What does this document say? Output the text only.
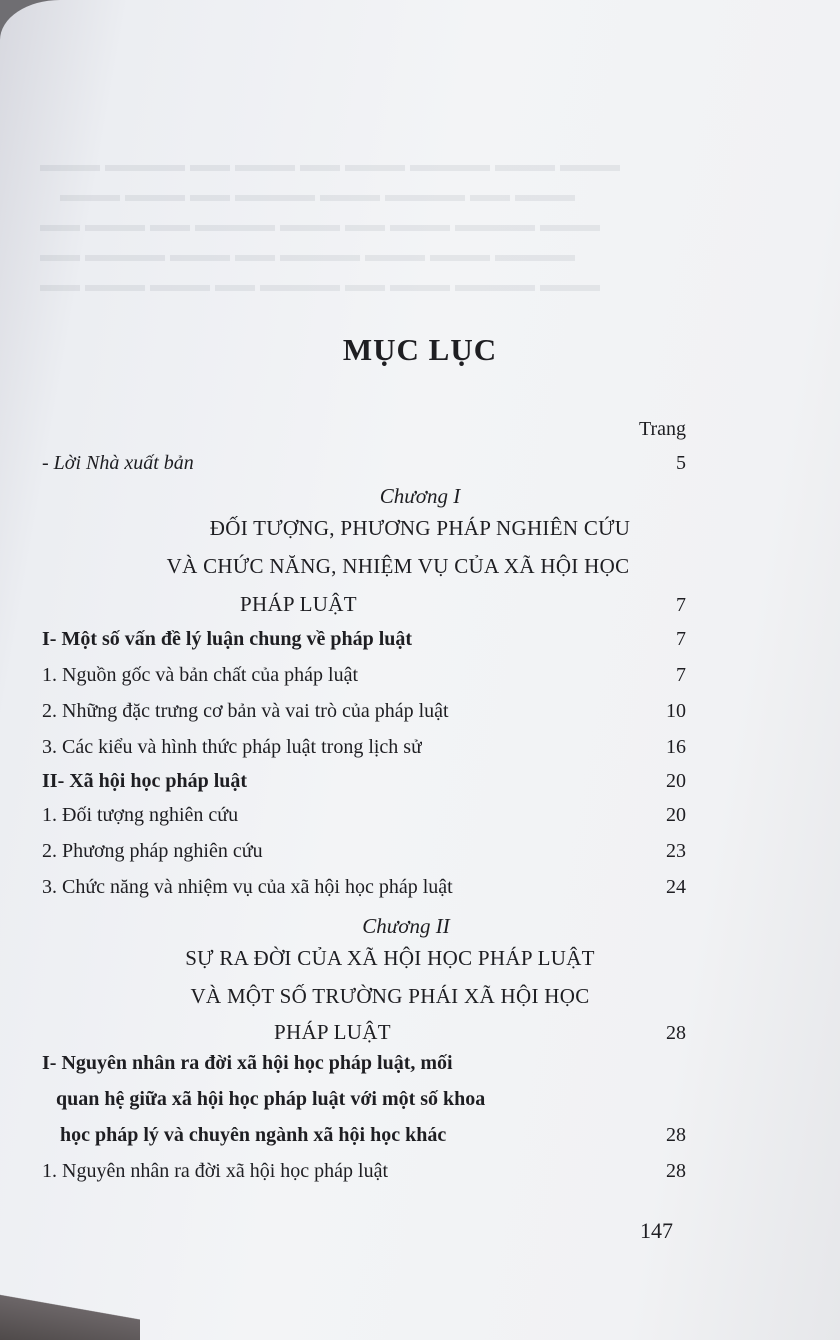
▬▬▬ ▬▬▬▬ ▬▬ ▬▬▬ ▬▬ ▬▬▬ ▬▬▬▬ ▬▬▬ ▬▬▬
▬▬▬ ▬▬▬ ▬▬ ▬▬▬▬ ▬▬▬ ▬▬▬▬ ▬▬ ▬▬▬
▬▬ ▬▬▬ ▬▬ ▬▬▬▬ ▬▬▬ ▬▬ ▬▬▬ ▬▬▬▬ ▬▬▬
▬▬ ▬▬▬▬ ▬▬▬ ▬▬ ▬▬▬▬ ▬▬▬ ▬▬▬ ▬▬▬▬
▬▬ ▬▬▬ ▬▬▬ ▬▬ ▬▬▬▬ ▬▬ ▬▬▬ ▬▬▬▬ ▬▬▬
MỤC LỤC
Trang
- Lời Nhà xuất bản	5
Chương I
ĐỐI TƯỢNG, PHƯƠNG PHÁP NGHIÊN CỨU
VÀ CHỨC NĂNG, NHIỆM VỤ CỦA XÃ HỘI HỌC
PHÁP LUẬT	7
I- Một số vấn đề lý luận chung về pháp luật	7
1. Nguồn gốc và bản chất của pháp luật	7
2. Những đặc trưng cơ bản và vai trò của pháp luật	10
3. Các kiểu và hình thức pháp luật trong lịch sử	16
II- Xã hội học pháp luật	20
1. Đối tượng nghiên cứu	20
2. Phương pháp nghiên cứu	23
3. Chức năng và nhiệm vụ của xã hội học pháp luật	24
Chương II
SỰ RA ĐỜI CỦA XÃ HỘI HỌC PHÁP LUẬT
VÀ MỘT SỐ TRƯỜNG PHÁI XÃ HỘI HỌC
PHÁP LUẬT	28
I- Nguyên nhân ra đời xã hội học pháp luật, mối
quan hệ giữa xã hội học pháp luật với một số khoa
học pháp lý và chuyên ngành xã hội học khác	28
1. Nguyên nhân ra đời xã hội học pháp luật	28
147
